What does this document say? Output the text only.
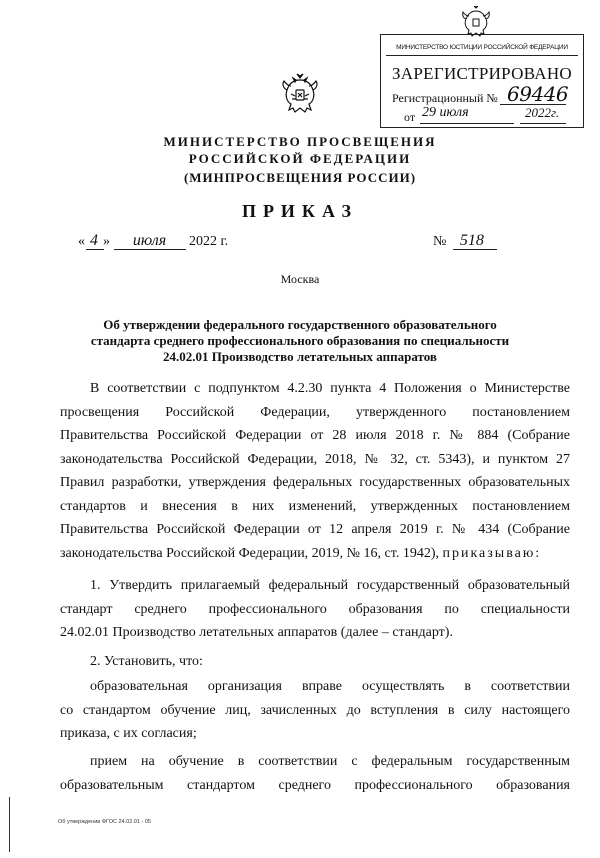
МИНИСТЕРСТВО ЮСТИЦИИ РОССИЙСКОЙ ФЕДЕРАЦИИ
ЗАРЕГИСТРИРОВАНО
Регистрационный № 69446
от 29 июля	2022г.
МИНИСТЕРСТВО ПРОСВЕЩЕНИЯ
РОССИЙСКОЙ ФЕДЕРАЦИИ
(МИНПРОСВЕЩЕНИЯ РОССИИ)
ПРИКАЗ
« 4 » июля 2022 г.	№ 518
Москва
Об утверждении федерального государственного образовательного
стандарта среднего профессионального образования по специальности
24.02.01 Производство летательных аппаратов
В соответствии с подпунктом 4.2.30 пункта 4 Положения о Министерстве
просвещения Российской Федерации, утвержденного постановлением
Правительства Российской Федерации от 28 июля 2018 г. № 884 (Собрание
законодательства Российской Федерации, 2018, № 32, ст. 5343), и пунктом 27
Правил разработки, утверждения федеральных государственных образовательных
стандартов и внесения в них изменений, утвержденных постановлением
Правительства Российской Федерации от 12 апреля 2019 г. № 434 (Собрание
законодательства Российской Федерации, 2019, № 16, ст. 1942), приказываю:
1. Утвердить прилагаемый федеральный государственный образовательный
стандарт среднего профессионального образования по специальности
24.02.01 Производство летательных аппаратов (далее – стандарт).
2. Установить, что:
образовательная организация вправе осуществлять в соответствии
со стандартом обучение лиц, зачисленных до вступления в силу настоящего
приказа, с их согласия;
прием на обучение в соответствии с федеральным государственным
образовательным стандартом среднего профессионального образования
Об утверждении ФГОС 24.02.01 - 05
